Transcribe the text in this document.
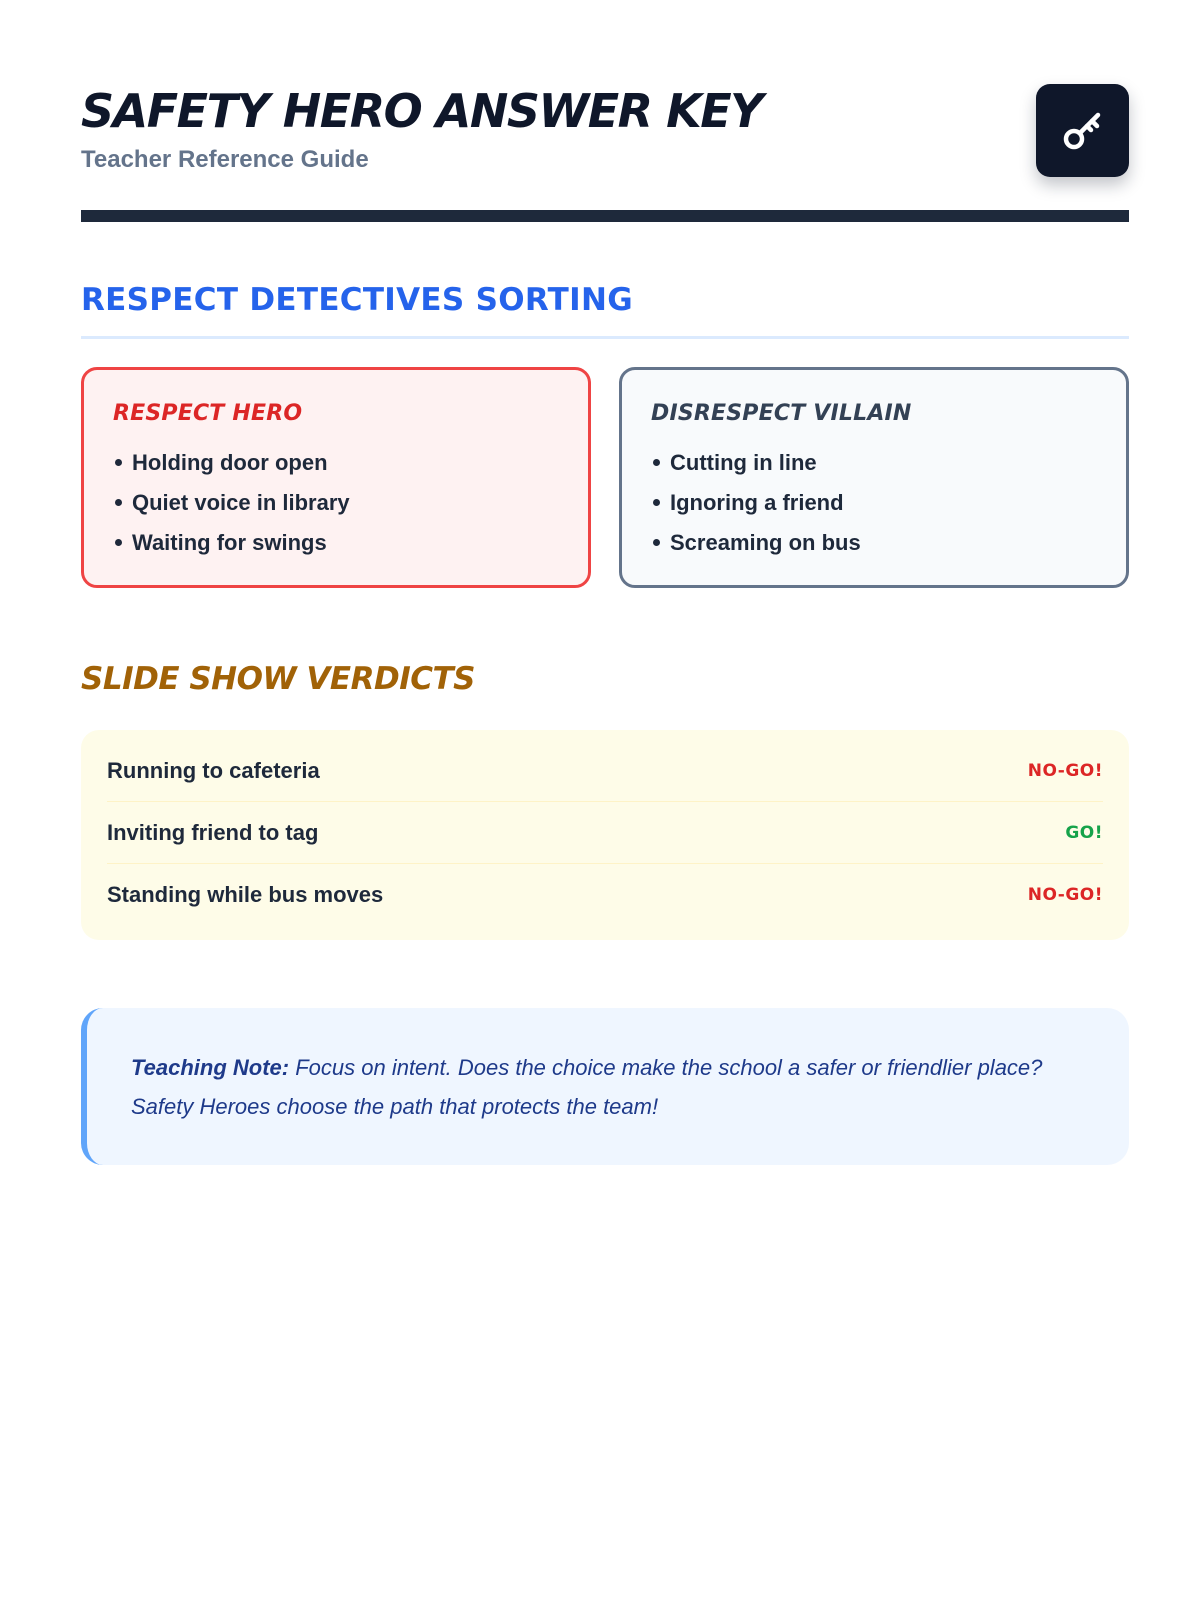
SAFETY HERO ANSWER KEY
Teacher Reference Guide
RESPECT DETECTIVES SORTING
RESPECT HERO
Holding door open
Quiet voice in library
Waiting for swings
DISRESPECT VILLAIN
Cutting in line
Ignoring a friend
Screaming on bus
SLIDE SHOW VERDICTS
Running to cafeteria	NO-GO!
Inviting friend to tag	GO!
Standing while bus moves	NO-GO!

Teaching Note: Focus on intent. Does the choice make the school a safer or friendlier place? Safety Heroes choose the path that protects the team!
